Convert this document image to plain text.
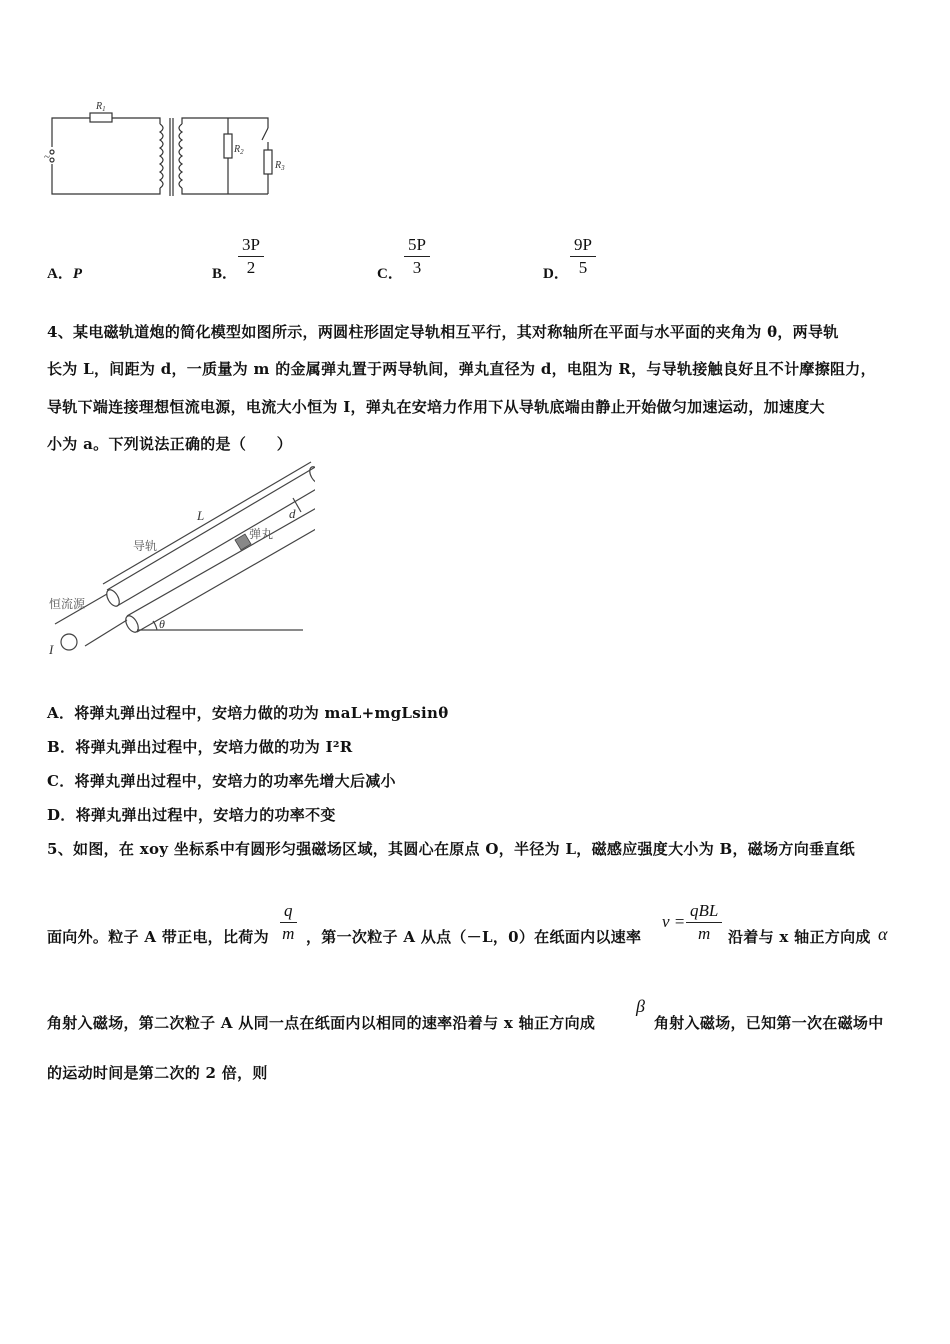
$R_1$
$R_2$
$R_3$
~
A．P	B． $\frac{3P}{2}$	C． $\frac{5P}{3}$	D． $\frac{9P}{5}$
4、某电磁轨道炮的简化模型如图所示，两圆柱形固定导轨相互平行，其对称轴所在平面与水平面的夹角为 θ，两导轨
长为 L，间距为 d，一质量为 m 的金属弹丸置于两导轨间，弹丸直径为 d，电阻为 R，与导轨接触良好且不计摩擦阻力，
导轨下端连接理想恒流电源，电流大小恒为 I，弹丸在安培力作用下从导轨底端由静止开始做匀加速运动，加速度大
小为 a。下列说法正确的是（　　）
L	d
导轨
弹丸
恒流源
I
θ
A．将弹丸弹出过程中，安培力做的功为 maL+mgLsinθ
B．将弹丸弹出过程中，安培力做的功为 I²R
C．将弹丸弹出过程中，安培力的功率先增大后减小
D．将弹丸弹出过程中，安培力的功率不变
5、如图，在 xoy 坐标系中有圆形匀强磁场区域，其圆心在原点 O，半径为 L，磁感应强度大小为 B，磁场方向垂直纸
面向外。粒子 A 带正电，比荷为 $\frac{q}{m}$ ，第一次粒子 A 从点（－L，0）在纸面内以速率
v =
qBL
m	沿着与 x 轴正方向成 α
角射入磁场，第二次粒子 A 从同一点在纸面内以相同的速率沿着与 x 轴正方向成
β
角射入磁场，已知第一次在磁场中
的运动时间是第二次的 2 倍，则
